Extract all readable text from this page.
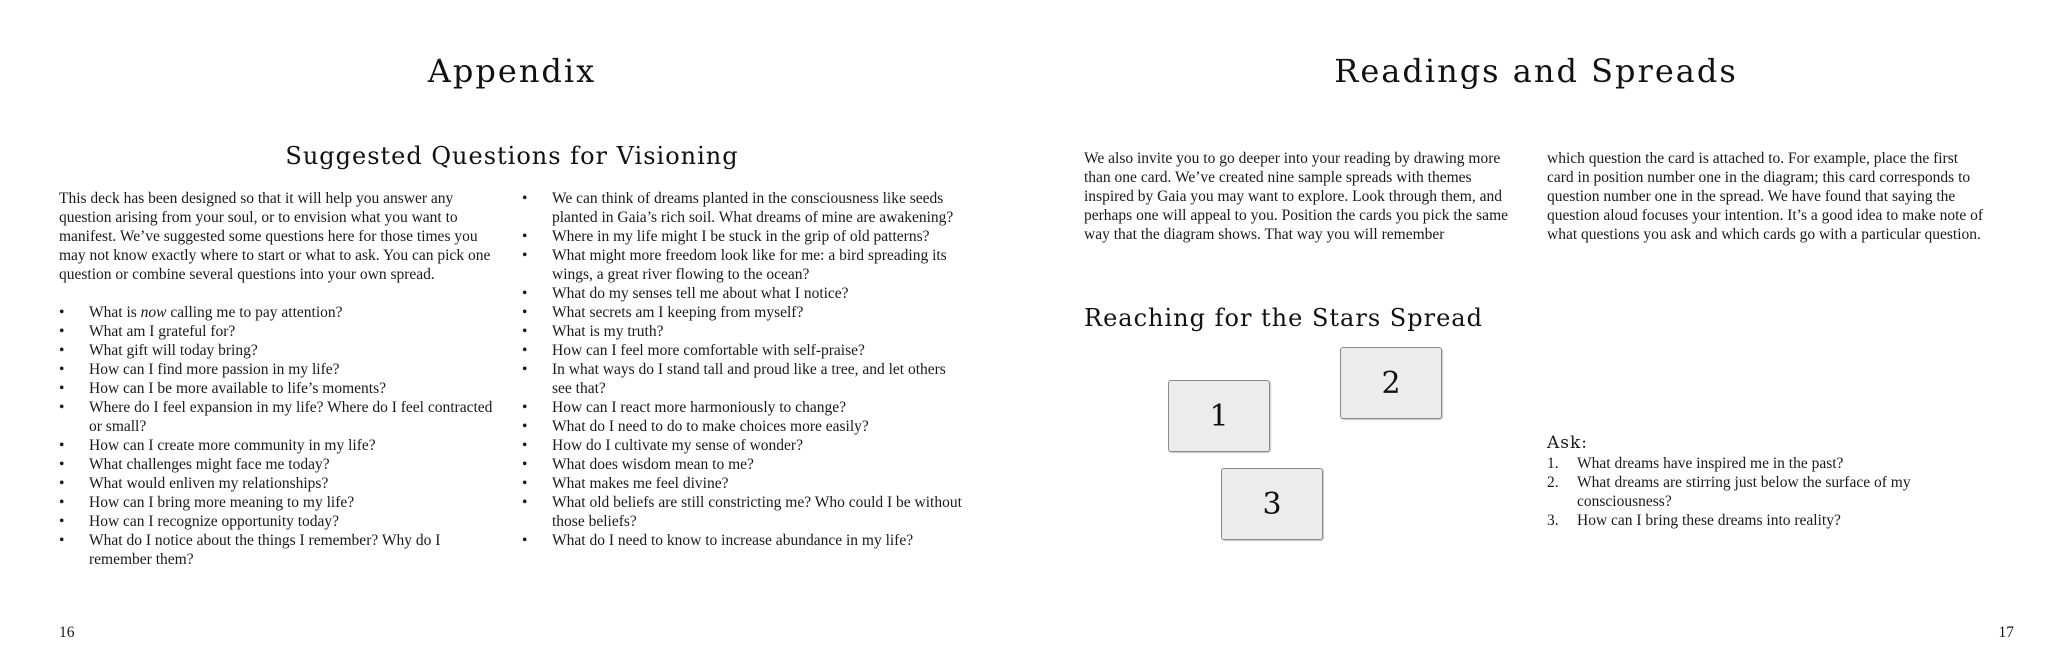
Appendix
Suggested Questions for Visioning

This deck has been designed so that it will help you answer any question arising from your soul, or to envision what you want to manifest. We’ve suggested some questions here for those times you may not know exactly where to start or what to ask. You can pick one question or combine several questions into your own spread.

• What is now calling me to pay attention?
• What am I grateful for?
• What gift will today bring?
• How can I find more passion in my life?
• How can I be more available to life’s moments?
• Where do I feel expansion in my life? Where do I feel contracted or small?
• How can I create more community in my life?
• What challenges might face me today?
• What would enliven my relationships?
• How can I bring more meaning to my life?
• How can I recognize opportunity today?
• What do I notice about the things I remember? Why do I remember them?
• We can think of dreams planted in the consciousness like seeds planted in Gaia’s rich soil. What dreams of mine are awakening?
• Where in my life might I be stuck in the grip of old patterns?
• What might more freedom look like for me: a bird spreading its wings, a great river flowing to the ocean?
• What do my senses tell me about what I notice?
• What secrets am I keeping from myself?
• What is my truth?
• How can I feel more comfortable with self-praise?
• In what ways do I stand tall and proud like a tree, and let others see that?
• How can I react more harmoniously to change?
• What do I need to do to make choices more easily?
• How do I cultivate my sense of wonder?
• What does wisdom mean to me?
• What makes me feel divine?
• What old beliefs are still constricting me? Who could I be without those beliefs?
• What do I need to know to increase abundance in my life?
16
Readings and Spreads

We also invite you to go deeper into your reading by drawing more than one card. We’ve created nine sample spreads with themes inspired by Gaia you may want to explore. Look through them, and perhaps one will appeal to you. Position the cards you pick the same way that the diagram shows. That way you will remember

which question the card is attached to. For example, place the first card in position number one in the diagram; this card corresponds to question number one in the spread. We have found that saying the question aloud focuses your intention. It’s a good idea to make note of what questions you ask and which cards go with a particular question.

Reaching for the Stars Spread
1
2
3

Ask:

1. What dreams have inspired me in the past?
2. What dreams are stirring just below the surface of my consciousness?
3. How can I bring these dreams into reality?
17
